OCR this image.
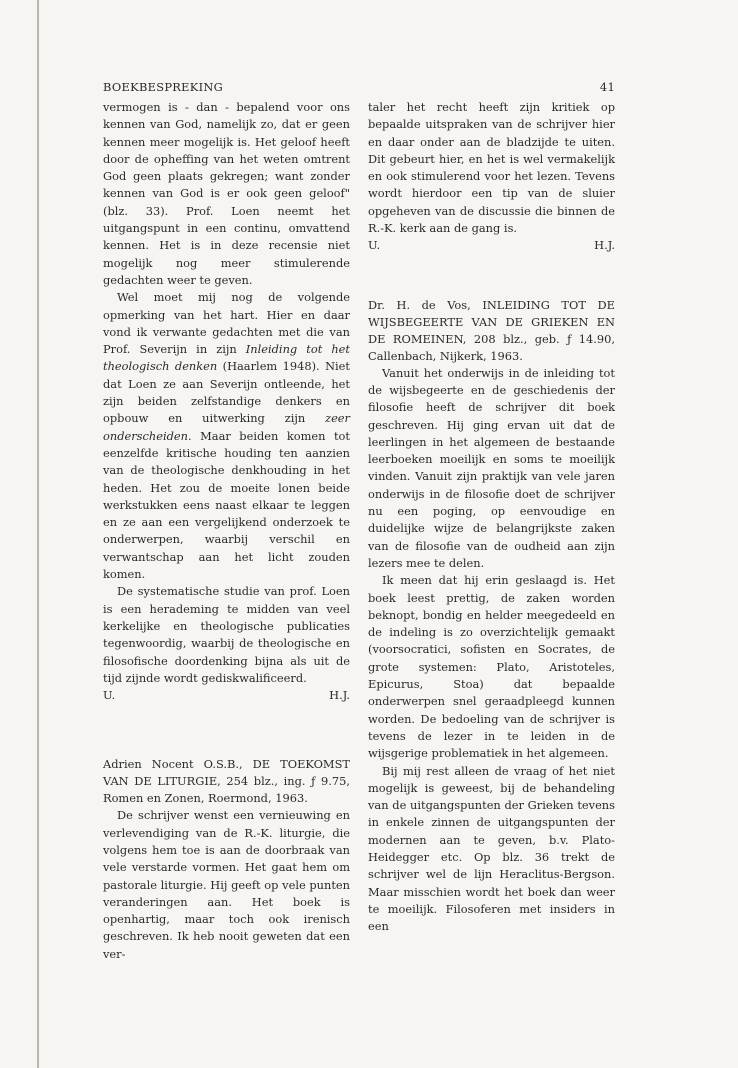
BOEKBESPREKING	41

vermogen is - dan - bepalend voor ons kennen van God, namelijk zo, dat er geen kennen meer mogelijk is. Het geloof heeft door de opheffing van het weten omtrent God geen plaats gekregen; want zonder kennen van God is er ook geen geloof" (blz. 33). Prof. Loen neemt het uitgangspunt in een continu, omvattend kennen. Het is in deze recensie niet mogelijk nog meer stimulerende gedachten weer te geven.

Wel moet mij nog de volgende opmerking van het hart. Hier en daar vond ik verwante gedachten met die van Prof. Severijn in zijn Inleiding tot het theologisch denken (Haarlem 1948). Niet dat Loen ze aan Severijn ontleende, het zijn beiden zelfstandige denkers en opbouw en uitwerking zijn zeer onderscheiden. Maar beiden komen tot eenzelfde kritische houding ten aanzien van de theologische denkhouding in het heden. Het zou de moeite lonen beide werkstukken eens naast elkaar te leggen en ze aan een vergelijkend onderzoek te onderwerpen, waarbij verschil en verwantschap aan het licht zouden komen.

De systematische studie van prof. Loen is een herademing te midden van veel kerkelijke en theologische publicaties tegenwoordig, waarbij de theologische en filosofische doordenking bijna als uit de tijd zijnde wordt gediskwalificeerd.

U.	H.J.

Adrien Nocent O.S.B., DE TOEKOMST VAN DE LITURGIE, 254 blz., ing. ƒ 9.75, Romen en Zonen, Roermond, 1963.

De schrijver wenst een vernieuwing en verlevendiging van de R.-K. liturgie, die volgens hem toe is aan de doorbraak van vele verstarde vormen. Het gaat hem om pastorale liturgie. Hij geeft op vele punten veranderingen aan. Het boek is openhartig, maar toch ook irenisch geschreven. Ik heb nooit geweten dat een ver-

taler het recht heeft zijn kritiek op bepaalde uitspraken van de schrijver hier en daar onder aan de bladzijde te uiten. Dit gebeurt hier, en het is wel vermakelijk en ook stimulerend voor het lezen. Tevens wordt hierdoor een tip van de sluier opgeheven van de discussie die binnen de R.-K. kerk aan de gang is.

U.	H.J.

Dr. H. de Vos, INLEIDING TOT DE WIJSBEGEERTE VAN DE GRIEKEN EN DE ROMEINEN, 208 blz., geb. ƒ 14.90, Callenbach, Nijkerk, 1963.

Vanuit het onderwijs in de inleiding tot de wijsbegeerte en de geschiedenis der filosofie heeft de schrijver dit boek geschreven. Hij ging ervan uit dat de leerlingen in het algemeen de bestaande leerboeken moeilijk en soms te moeilijk vinden. Vanuit zijn praktijk van vele jaren onderwijs in de filosofie doet de schrijver nu een poging, op eenvoudige en duidelijke wijze de belangrijkste zaken van de filosofie van de oudheid aan zijn lezers mee te delen.

Ik meen dat hij erin geslaagd is. Het boek leest prettig, de zaken worden beknopt, bondig en helder meegedeeld en de indeling is zo overzichtelijk gemaakt (voorsocratici, sofisten en Socrates, de grote systemen: Plato, Aristoteles, Epicurus, Stoa) dat bepaalde onderwerpen snel geraadpleegd kunnen worden. De bedoeling van de schrijver is tevens de lezer in te leiden in de wijsgerige problematiek in het algemeen.

Bij mij rest alleen de vraag of het niet mogelijk is geweest, bij de behandeling van de uitgangspunten der Grieken tevens in enkele zinnen de uitgangspunten der modernen aan te geven, b.v. Plato-Heidegger etc. Op blz. 36 trekt de schrijver wel de lijn Heraclitus-Bergson. Maar misschien wordt het boek dan weer te moeilijk. Filosoferen met insiders in een
